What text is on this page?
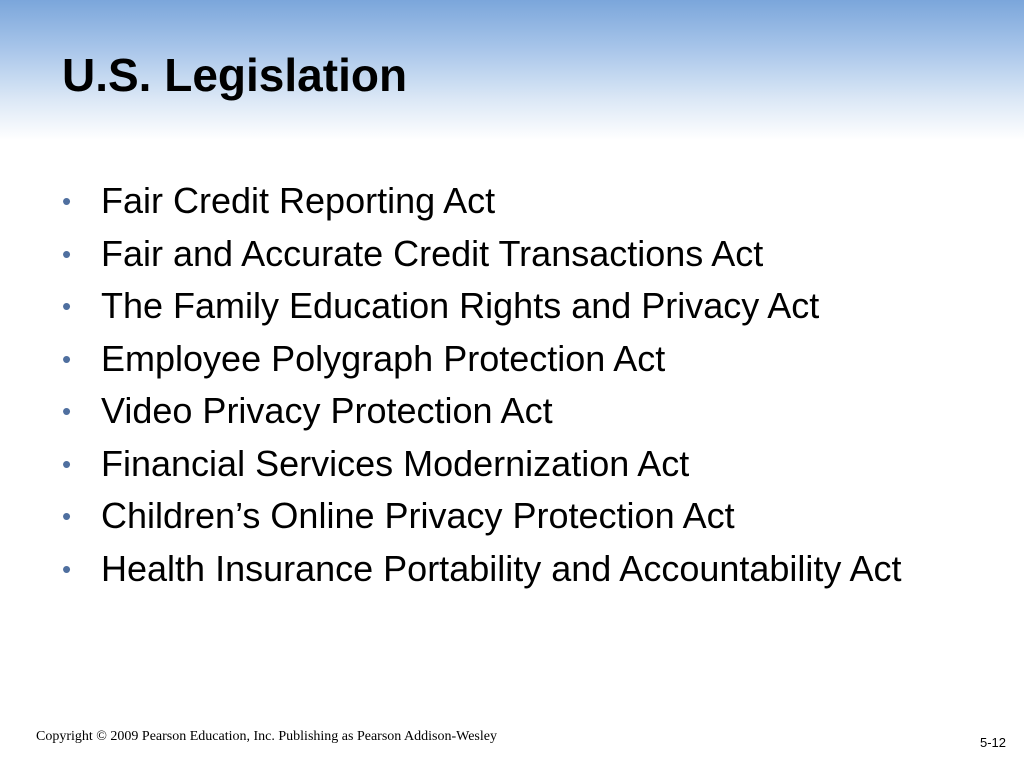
U.S. Legislation
• Fair Credit Reporting Act
• Fair and Accurate Credit Transactions Act
• The Family Education Rights and Privacy Act
• Employee Polygraph Protection Act
• Video Privacy Protection Act
• Financial Services Modernization Act
• Children’s Online Privacy Protection Act
• Health Insurance Portability and Accountability Act
Copyright © 2009 Pearson Education, Inc. Publishing as Pearson Addison-Wesley	5-12
